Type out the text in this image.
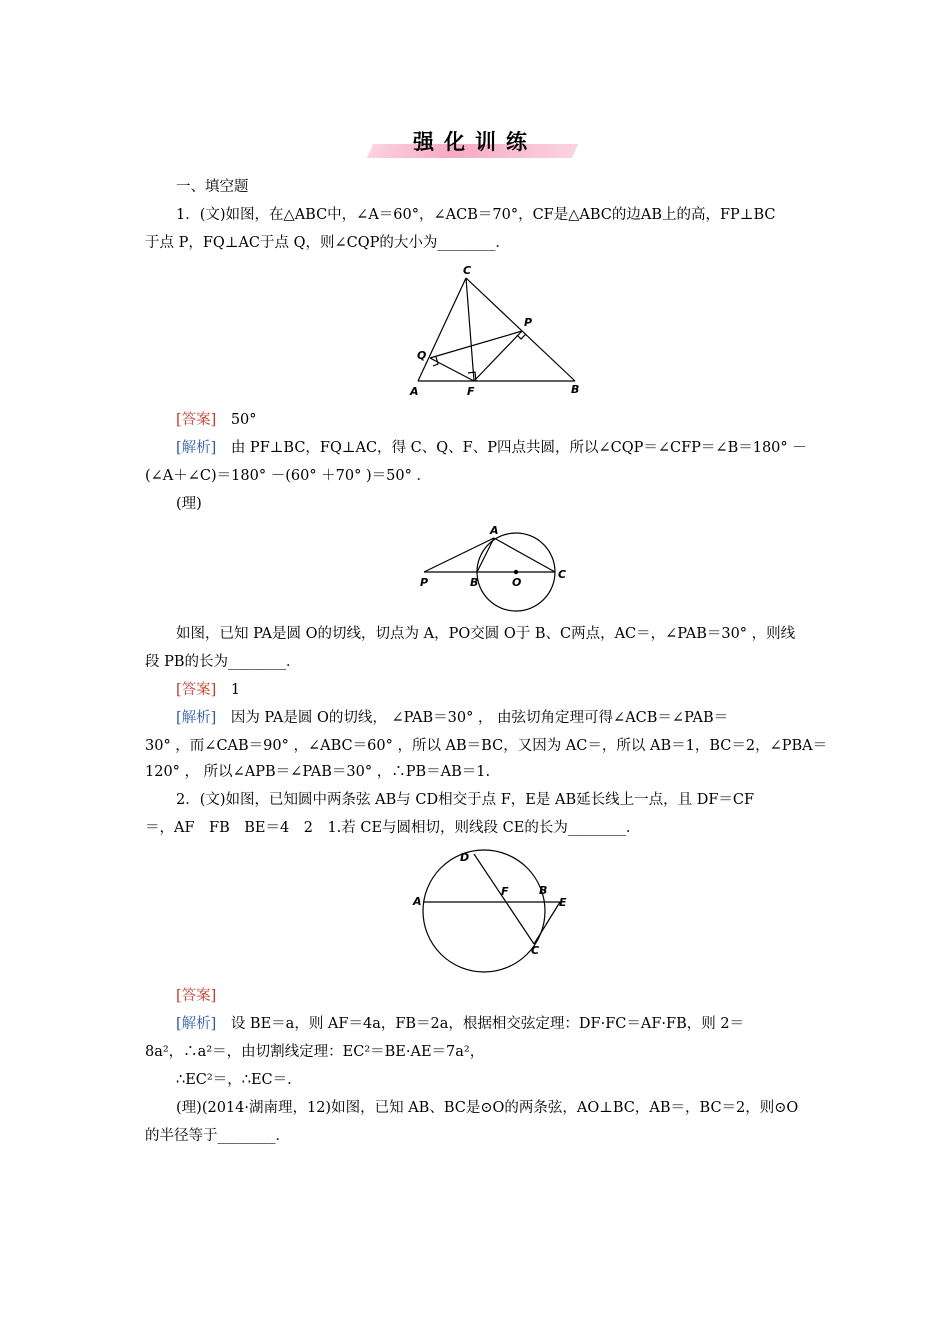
强化训练
一、填空题
1．(文)如图，在△ABC中，∠A＝60°，∠ACB＝70°，CF是△ABC的边AB上的高，FP⊥BC
于点 P，FQ⊥AC于点 Q，则∠CQP的大小为________．
C
P
Q
A	F	B
[答案]　 50°
[解析]　 由 PF⊥BC，FQ⊥AC，得 C、Q、F、P四点共圆，所以∠CQP＝∠CFP＝∠B＝180° －
(∠A＋∠C)＝180° －(60° ＋70° )＝50° ．
(理)
A
P	B	O
C
如图，已知 PA是圆 O的切线，切点为 A，PO交圆 O于 B、C两点，AC＝，∠PAB＝30° ，则线
段 PB的长为________．
[答案]　 1
[解析]　 因为 PA是圆 O的切线， ∠PAB＝30° ， 由弦切角定理可得∠ACB＝∠PAB＝
30° ，而∠CAB＝90° ，∠ABC＝60° ，所以 AB＝BC，又因为 AC＝，所以 AB＝1，BC＝2，∠PBA＝
120° ， 所以∠APB＝∠PAB＝30° ，∴PB＝AB＝1.
2．(文)如图，已知圆中两条弦 AB与 CD相交于点 F，E是 AB延长线上一点，且 DF＝CF
＝，AF　FB　BE＝4　2　1.若 CE与圆相切，则线段 CE的长为________．
D
F	B
E
A
C
[答案]
[解析]　 设 BE＝a，则 AF＝4a，FB＝2a，根据相交弦定理：DF·FC＝AF·FB，则 2＝
8a²，∴a²＝，由切割线定理：EC²＝BE·AE＝7a²，
∴EC²＝，∴EC＝.
(理)(2014·湖南理，12)如图，已知 AB、BC是⊙O的两条弦，AO⊥BC，AB＝，BC＝2，则⊙O
的半径等于________．
